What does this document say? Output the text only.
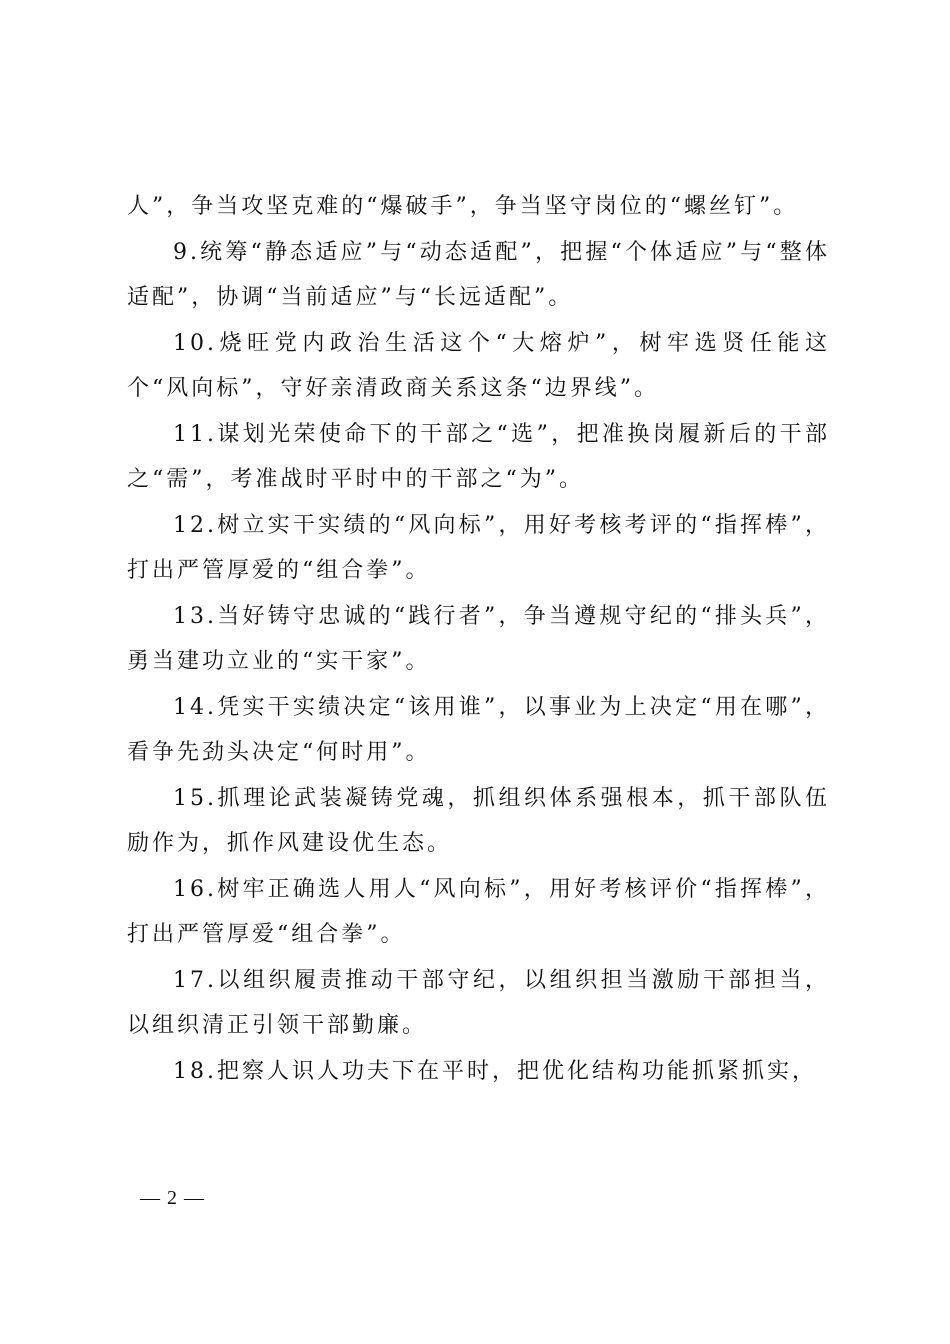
人”，争当攻坚克难的“爆破手”，争当坚守岗位的“螺丝钉”。

9.统筹“静态适应”与“动态适配”，把握“个体适应”与“整体适配”，协调“当前适应”与“长远适配”。

10.烧旺党内政治生活这个“大熔炉”，树牢选贤任能这个“风向标”，守好亲清政商关系这条“边界线”。

11.谋划光荣使命下的干部之“选”，把准换岗履新后的干部之“需”，考准战时平时中的干部之“为”。

12.树立实干实绩的“风向标”，用好考核考评的“指挥棒”，打出严管厚爱的“组合拳”。

13.当好铸守忠诚的“践行者”，争当遵规守纪的“排头兵”，勇当建功立业的“实干家”。

14.凭实干实绩决定“该用谁”，以事业为上决定“用在哪”，看争先劲头决定“何时用”。

15.抓理论武装凝铸党魂，抓组织体系强根本，抓干部队伍励作为，抓作风建设优生态。

16.树牢正确选人用人“风向标”，用好考核评价“指挥棒”，打出严管厚爱“组合拳”。

17.以组织履责推动干部守纪，以组织担当激励干部担当，以组织清正引领干部勤廉。

18.把察人识人功夫下在平时，把优化结构功能抓紧抓实，

— 2 —
